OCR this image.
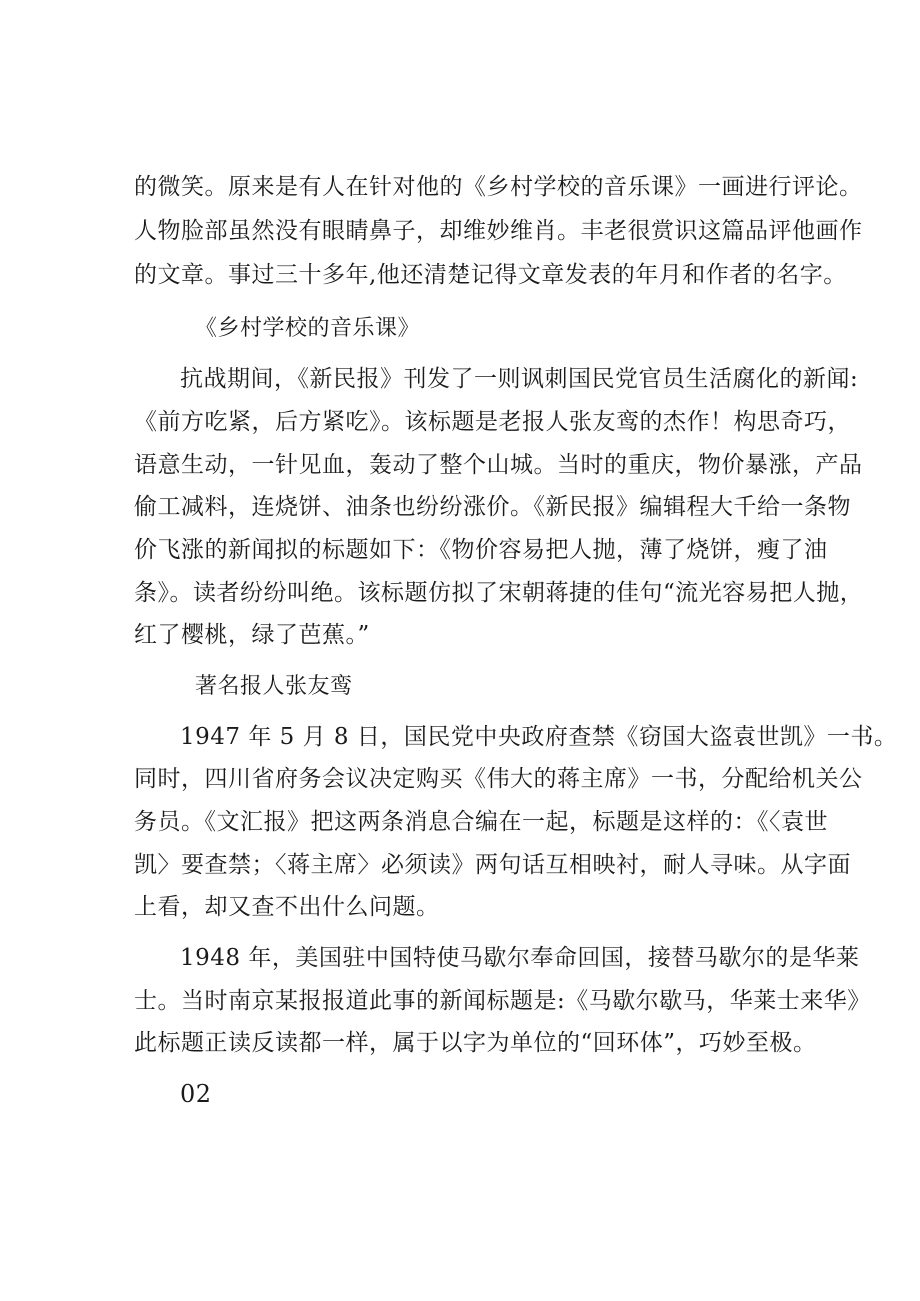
的微笑。原来是有人在针对他的《乡村学校的音乐课》一画进行评论。
人物脸部虽然没有眼睛鼻子，却维妙维肖。丰老很赏识这篇品评他画作
的文章。事过三十多年,他还清楚记得文章发表的年月和作者的名字。
《乡村学校的音乐课》
抗战期间，《新民报》刊发了一则讽刺国民党官员生活腐化的新闻:
《前方吃紧，后方紧吃》。该标题是老报人张友鸾的杰作！构思奇巧，
语意生动，一针见血，轰动了整个山城。当时的重庆，物价暴涨，产品
偷工减料，连烧饼、油条也纷纷涨价。《新民报》编辑程大千给一条物
价飞涨的新闻拟的标题如下：《物价容易把人抛，薄了烧饼，瘦了油
条》。读者纷纷叫绝。该标题仿拟了宋朝蒋捷的佳句“流光容易把人抛，
红了樱桃，绿了芭蕉。”
著名报人张友鸾
1947 年 5 月 8 日，国民党中央政府查禁《窃国大盗袁世凯》一书。
同时，四川省府务会议决定购买《伟大的蒋主席》一书，分配给机关公
务员。《文汇报》把这两条消息合编在一起，标题是这样的：《〈袁世
凯〉要查禁；〈蒋主席〉必须读》两句话互相映衬，耐人寻味。从字面
上看，却又查不出什么问题。
1948 年，美国驻中国特使马歇尔奉命回国，接替马歇尔的是华莱
士。当时南京某报报道此事的新闻标题是:《马歇尔歇马，华莱士来华》
此标题正读反读都一样，属于以字为单位的“回环体”，巧妙至极。
02
